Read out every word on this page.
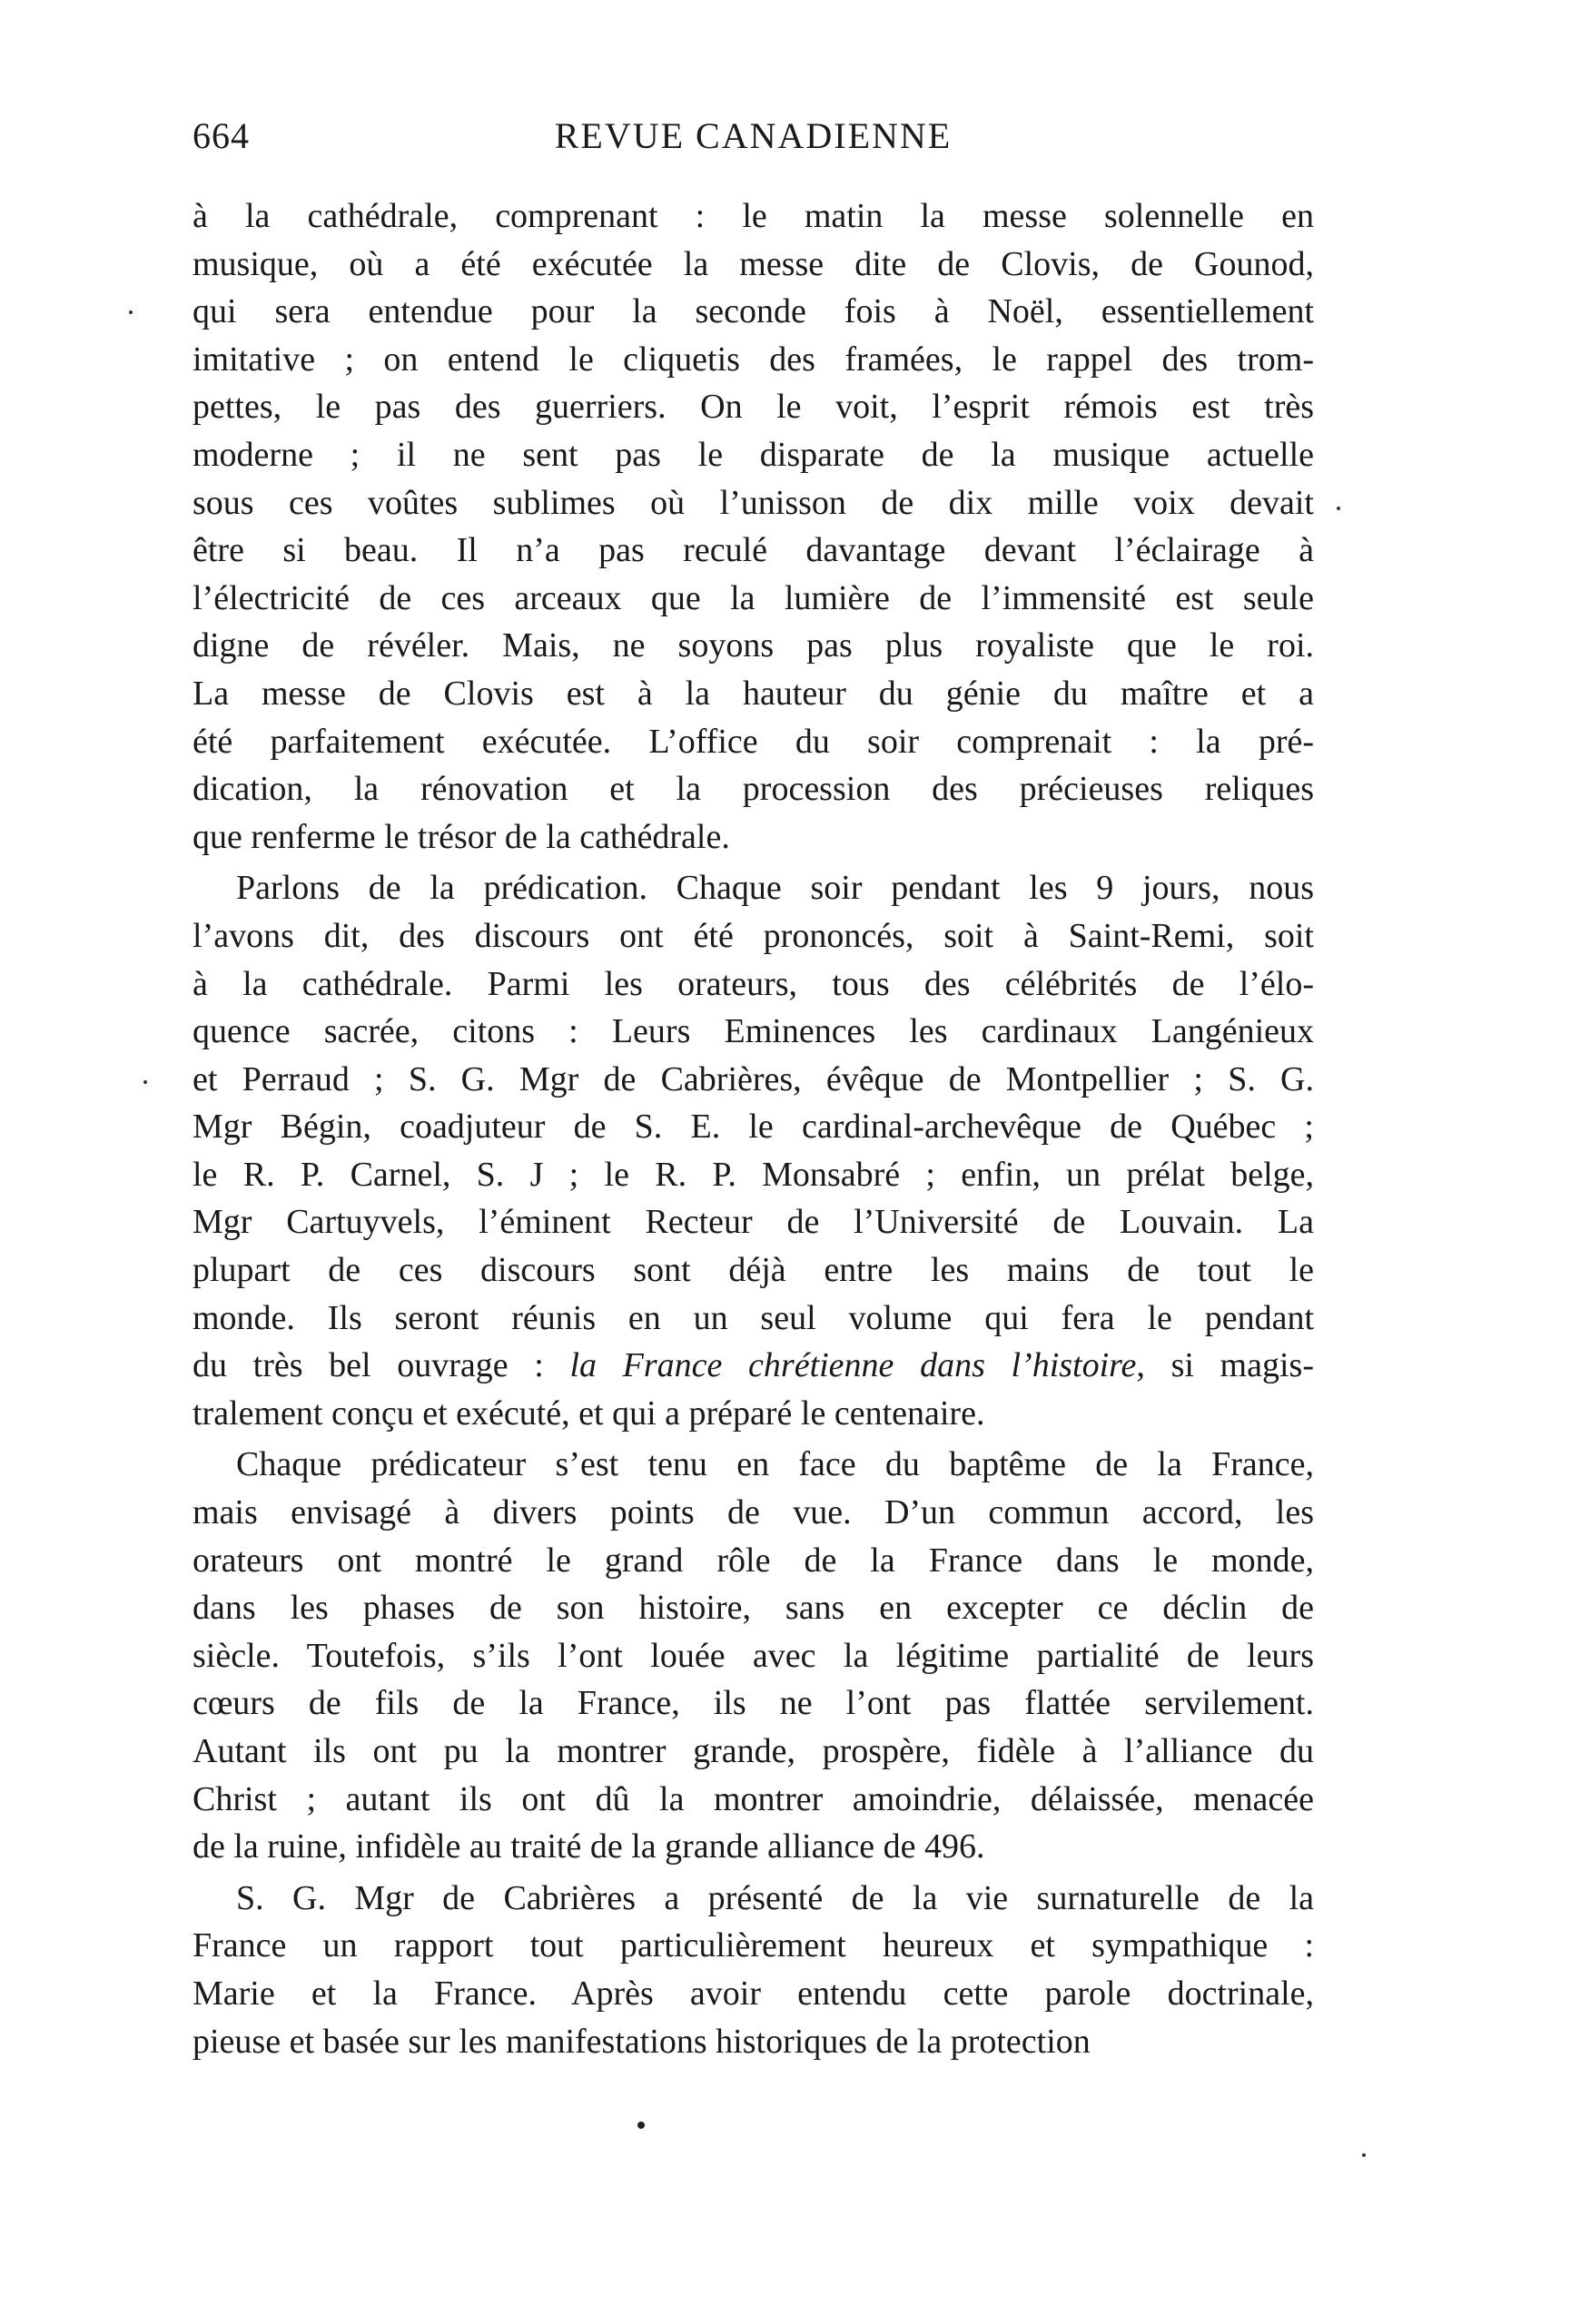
664	REVUE CANADIENNE
à la cathédrale, comprenant : le matin la messe solennelle en
musique, où a été exécutée la messe dite de Clovis, de Gounod,
qui sera entendue pour la seconde fois à Noël, essentiellement
imitative ; on entend le cliquetis des framées, le rappel des trom-
pettes, le pas des guerriers. On le voit, l’esprit rémois est très
moderne ; il ne sent pas le disparate de la musique actuelle
sous ces voûtes sublimes où l’unisson de dix mille voix devait
être si beau. Il n’a pas reculé davantage devant l’éclairage à
l’électricité de ces arceaux que la lumière de l’immensité est seule
digne de révéler. Mais, ne soyons pas plus royaliste que le roi.
La messe de Clovis est à la hauteur du génie du maître et a
été parfaitement exécutée. L’office du soir comprenait : la pré-
dication, la rénovation et la procession des précieuses reliques
que renferme le trésor de la cathédrale.
Parlons de la prédication. Chaque soir pendant les 9 jours, nous
l’avons dit, des discours ont été prononcés, soit à Saint-Remi, soit
à la cathédrale. Parmi les orateurs, tous des célébrités de l’élo-
quence sacrée, citons : Leurs Eminences les cardinaux Langénieux
et Perraud ; S. G. Mgr de Cabrières, évêque de Montpellier ; S. G.
Mgr Bégin, coadjuteur de S. E. le cardinal-archevêque de Québec ;
le R. P. Carnel, S. J ; le R. P. Monsabré ; enfin, un prélat belge,
Mgr Cartuyvels, l’éminent Recteur de l’Université de Louvain. La
plupart de ces discours sont déjà entre les mains de tout le
monde. Ils seront réunis en un seul volume qui fera le pendant
du très bel ouvrage : la France chrétienne dans l’histoire, si magis-
tralement conçu et exécuté, et qui a préparé le centenaire.
Chaque prédicateur s’est tenu en face du baptême de la France,
mais envisagé à divers points de vue. D’un commun accord, les
orateurs ont montré le grand rôle de la France dans le monde,
dans les phases de son histoire, sans en excepter ce déclin de
siècle. Toutefois, s’ils l’ont louée avec la légitime partialité de leurs
cœurs de fils de la France, ils ne l’ont pas flattée servilement.
Autant ils ont pu la montrer grande, prospère, fidèle à l’alliance du
Christ ; autant ils ont dû la montrer amoindrie, délaissée, menacée
de la ruine, infidèle au traité de la grande alliance de 496.
S. G. Mgr de Cabrières a présenté de la vie surnaturelle de la
France un rapport tout particulièrement heureux et sympathique :
Marie et la France. Après avoir entendu cette parole doctrinale,
pieuse et basée sur les manifestations historiques de la protection
